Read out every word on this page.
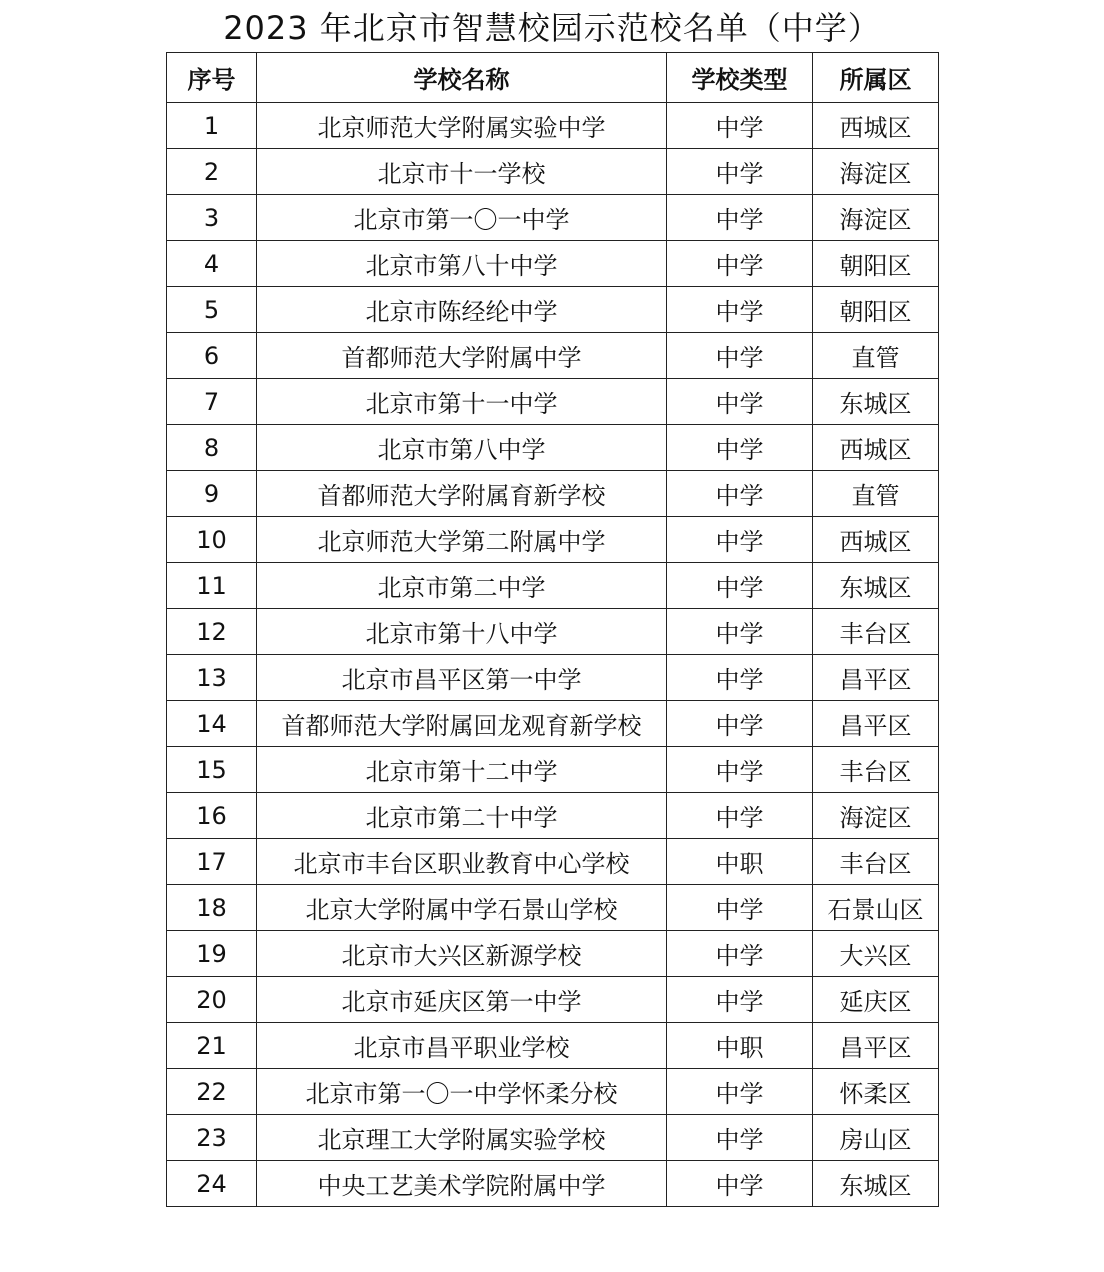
2023 年北京市智慧校园示范校名单（中学）
序号	学校名称	学校类型	所属区
1	北京师范大学附属实验中学	中学	西城区
2	北京市十一学校	中学	海淀区
3	北京市第一〇一中学	中学	海淀区
4	北京市第八十中学	中学	朝阳区
5	北京市陈经纶中学	中学	朝阳区
6	首都师范大学附属中学	中学	直管
7	北京市第十一中学	中学	东城区
8	北京市第八中学	中学	西城区
9	首都师范大学附属育新学校	中学	直管
10	北京师范大学第二附属中学	中学	西城区
11	北京市第二中学	中学	东城区
12	北京市第十八中学	中学	丰台区
13	北京市昌平区第一中学	中学	昌平区
14	首都师范大学附属回龙观育新学校	中学	昌平区
15	北京市第十二中学	中学	丰台区
16	北京市第二十中学	中学	海淀区
17	北京市丰台区职业教育中心学校	中职	丰台区
18	北京大学附属中学石景山学校	中学	石景山区
19	北京市大兴区新源学校	中学	大兴区
20	北京市延庆区第一中学	中学	延庆区
21	北京市昌平职业学校	中职	昌平区
22	北京市第一〇一中学怀柔分校	中学	怀柔区
23	北京理工大学附属实验学校	中学	房山区
24	中央工艺美术学院附属中学	中学	东城区
